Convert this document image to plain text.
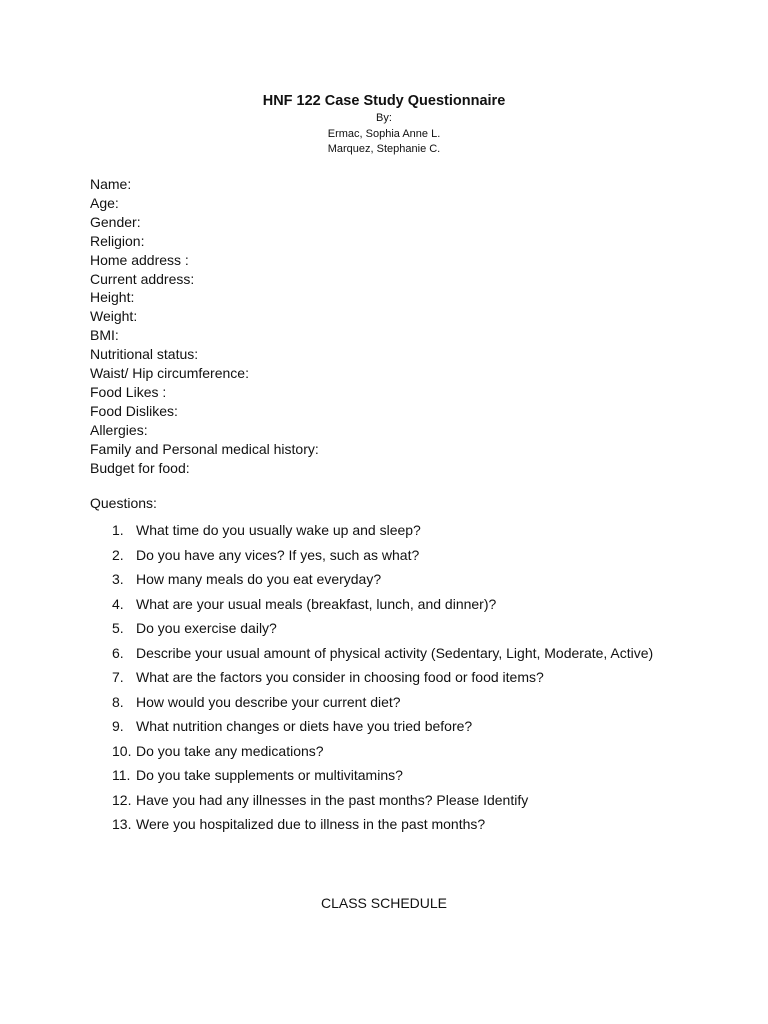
HNF 122 Case Study Questionnaire

By:

Ermac, Sophia Anne L.

Marquez, Stephanie C.

Name:
Age:
Gender:
Religion:
Home address :
Current address:
Height:
Weight:
BMI:
Nutritional status:
Waist/ Hip circumference:
Food Likes :
Food Dislikes:
Allergies:
Family and Personal medical history:
Budget for food:

Questions:

1. What time do you usually wake up and sleep?
2. Do you have any vices? If yes, such as what?
3. How many meals do you eat everyday?
4. What are your usual meals (breakfast, lunch, and dinner)?
5. Do you exercise daily?
6. Describe your usual amount of physical activity (Sedentary, Light, Moderate, Active)
7. What are the factors you consider in choosing food or food items?
8. How would you describe your current diet?
9. What nutrition changes or diets have you tried before?
10. Do you take any medications?
11. Do you take supplements or multivitamins?
12. Have you had any illnesses in the past months? Please Identify
13. Were you hospitalized due to illness in the past months?

CLASS SCHEDULE
